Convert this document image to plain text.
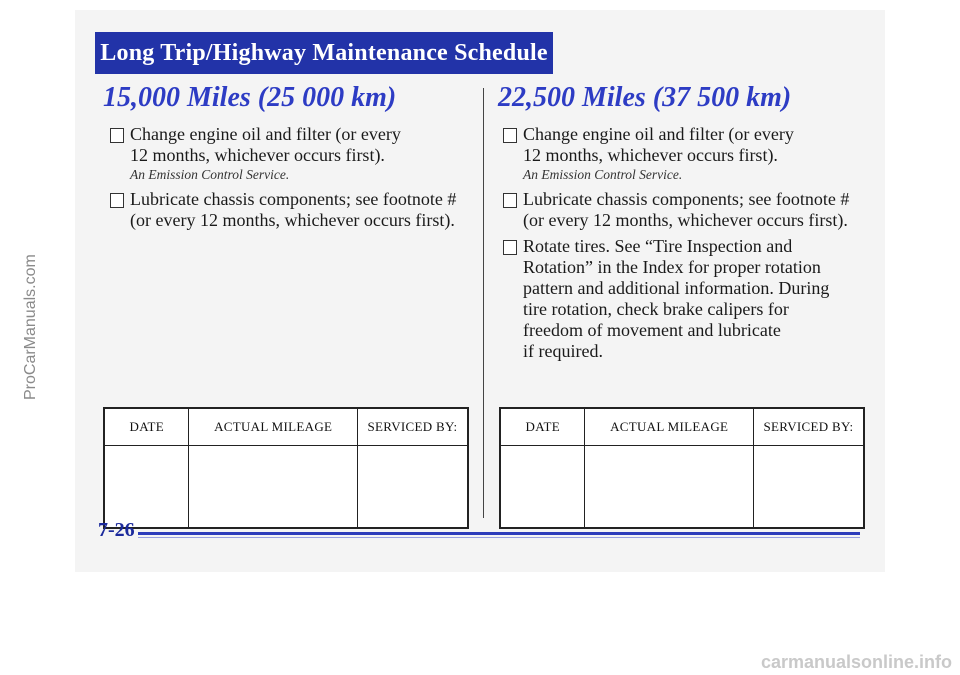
Long Trip/Highway Maintenance Schedule
15,000 Miles (25 000 km)
Change engine oil and filter (or every
12 months, whichever occurs first).
An Emission Control Service.
Lubricate chassis components; see footnote #
(or every 12 months, whichever occurs first).
DATE	ACTUAL MILEAGE	SERVICED BY:

22,500 Miles (37 500 km)
Change engine oil and filter (or every
12 months, whichever occurs first).
An Emission Control Service.
Lubricate chassis components; see footnote #
(or every 12 months, whichever occurs first).
Rotate tires. See “Tire Inspection and
Rotation” in the Index for proper rotation
pattern and additional information. During
tire rotation, check brake calipers for
freedom of movement and lubricate
if required.
DATE	ACTUAL MILEAGE	SERVICED BY:

7-26
ProCarManuals.com
carmanualsonline.info
